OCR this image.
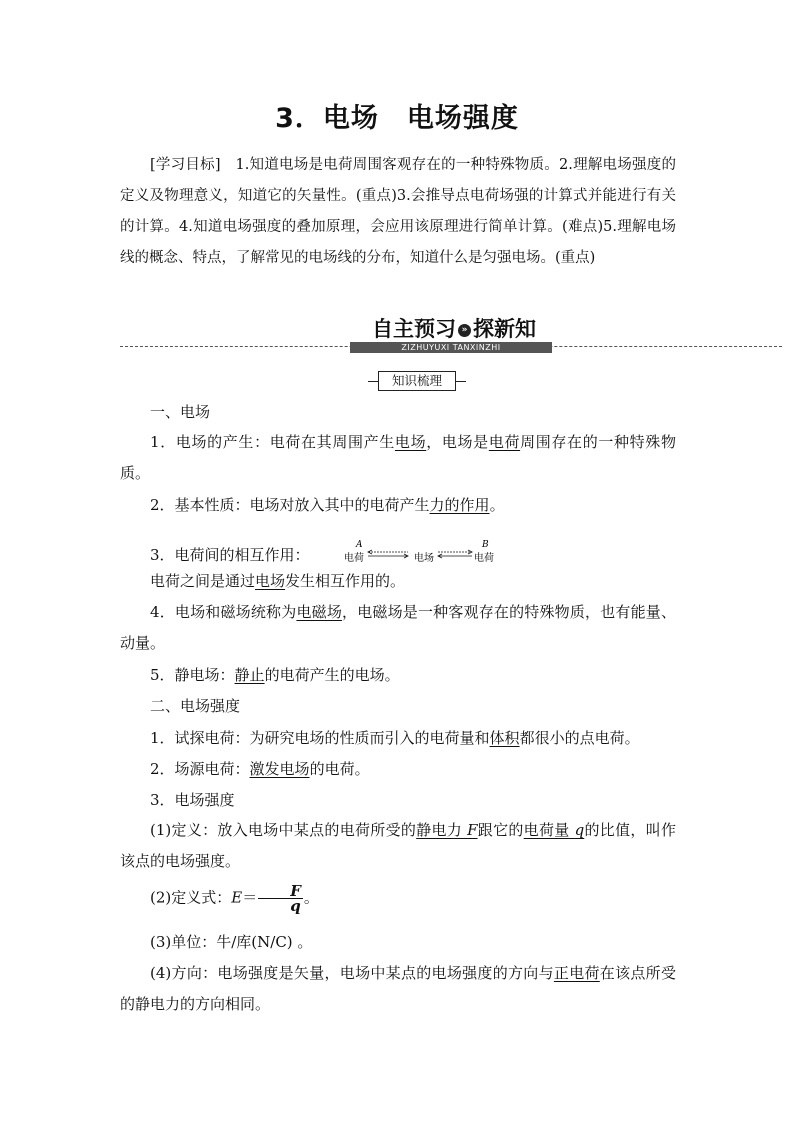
3．电场　电场强度
[学习目标]　 1.知道电场是电荷周围客观存在的一种特殊物质。2.理解电场强度的定义及物理意义，知道它的矢量性。(重点)3.会推导点电荷场强的计算式并能进行有关的计算。4.知道电场强度的叠加原理，会应用该原理进行简单计算。(难点)5.理解电场线的概念、特点，了解常见的电场线的分布，知道什么是匀强电场。(重点)
自主预习 » 探新知
ZIZHUYUXI TANXINZHI
知识梳理
一、电场
1．电场的产生：电荷在其周围产生电场，电场是电荷周围存在的一种特殊物质。
2．基本性质：电场对放入其中的电荷产生力的作用。
3．电荷间的相互作用：
A	B
电荷	电场	电荷
电荷之间是通过电场发生相互作用的。
4．电场和磁场统称为电磁场，电磁场是一种客观存在的特殊物质，也有能量、动量。
5．静电场：静止的电荷产生的电场。
二、电场强度
1．试探电荷：为研究电场的性质而引入的电荷量和体积都很小的点电荷。
2．场源电荷：激发电场的电荷。
3．电场强度
(1)定义：放入电场中某点的电荷所受的静电力 F跟它的电荷量 q的比值，叫作该点的电场强度。
(2)定义式：$E= \frac{F}{q}$ 。
(3)单位：牛/库(N/C) 。
(4)方向：电场强度是矢量，电场中某点的电场强度的方向与正电荷在该点所受的静电力的方向相同。
